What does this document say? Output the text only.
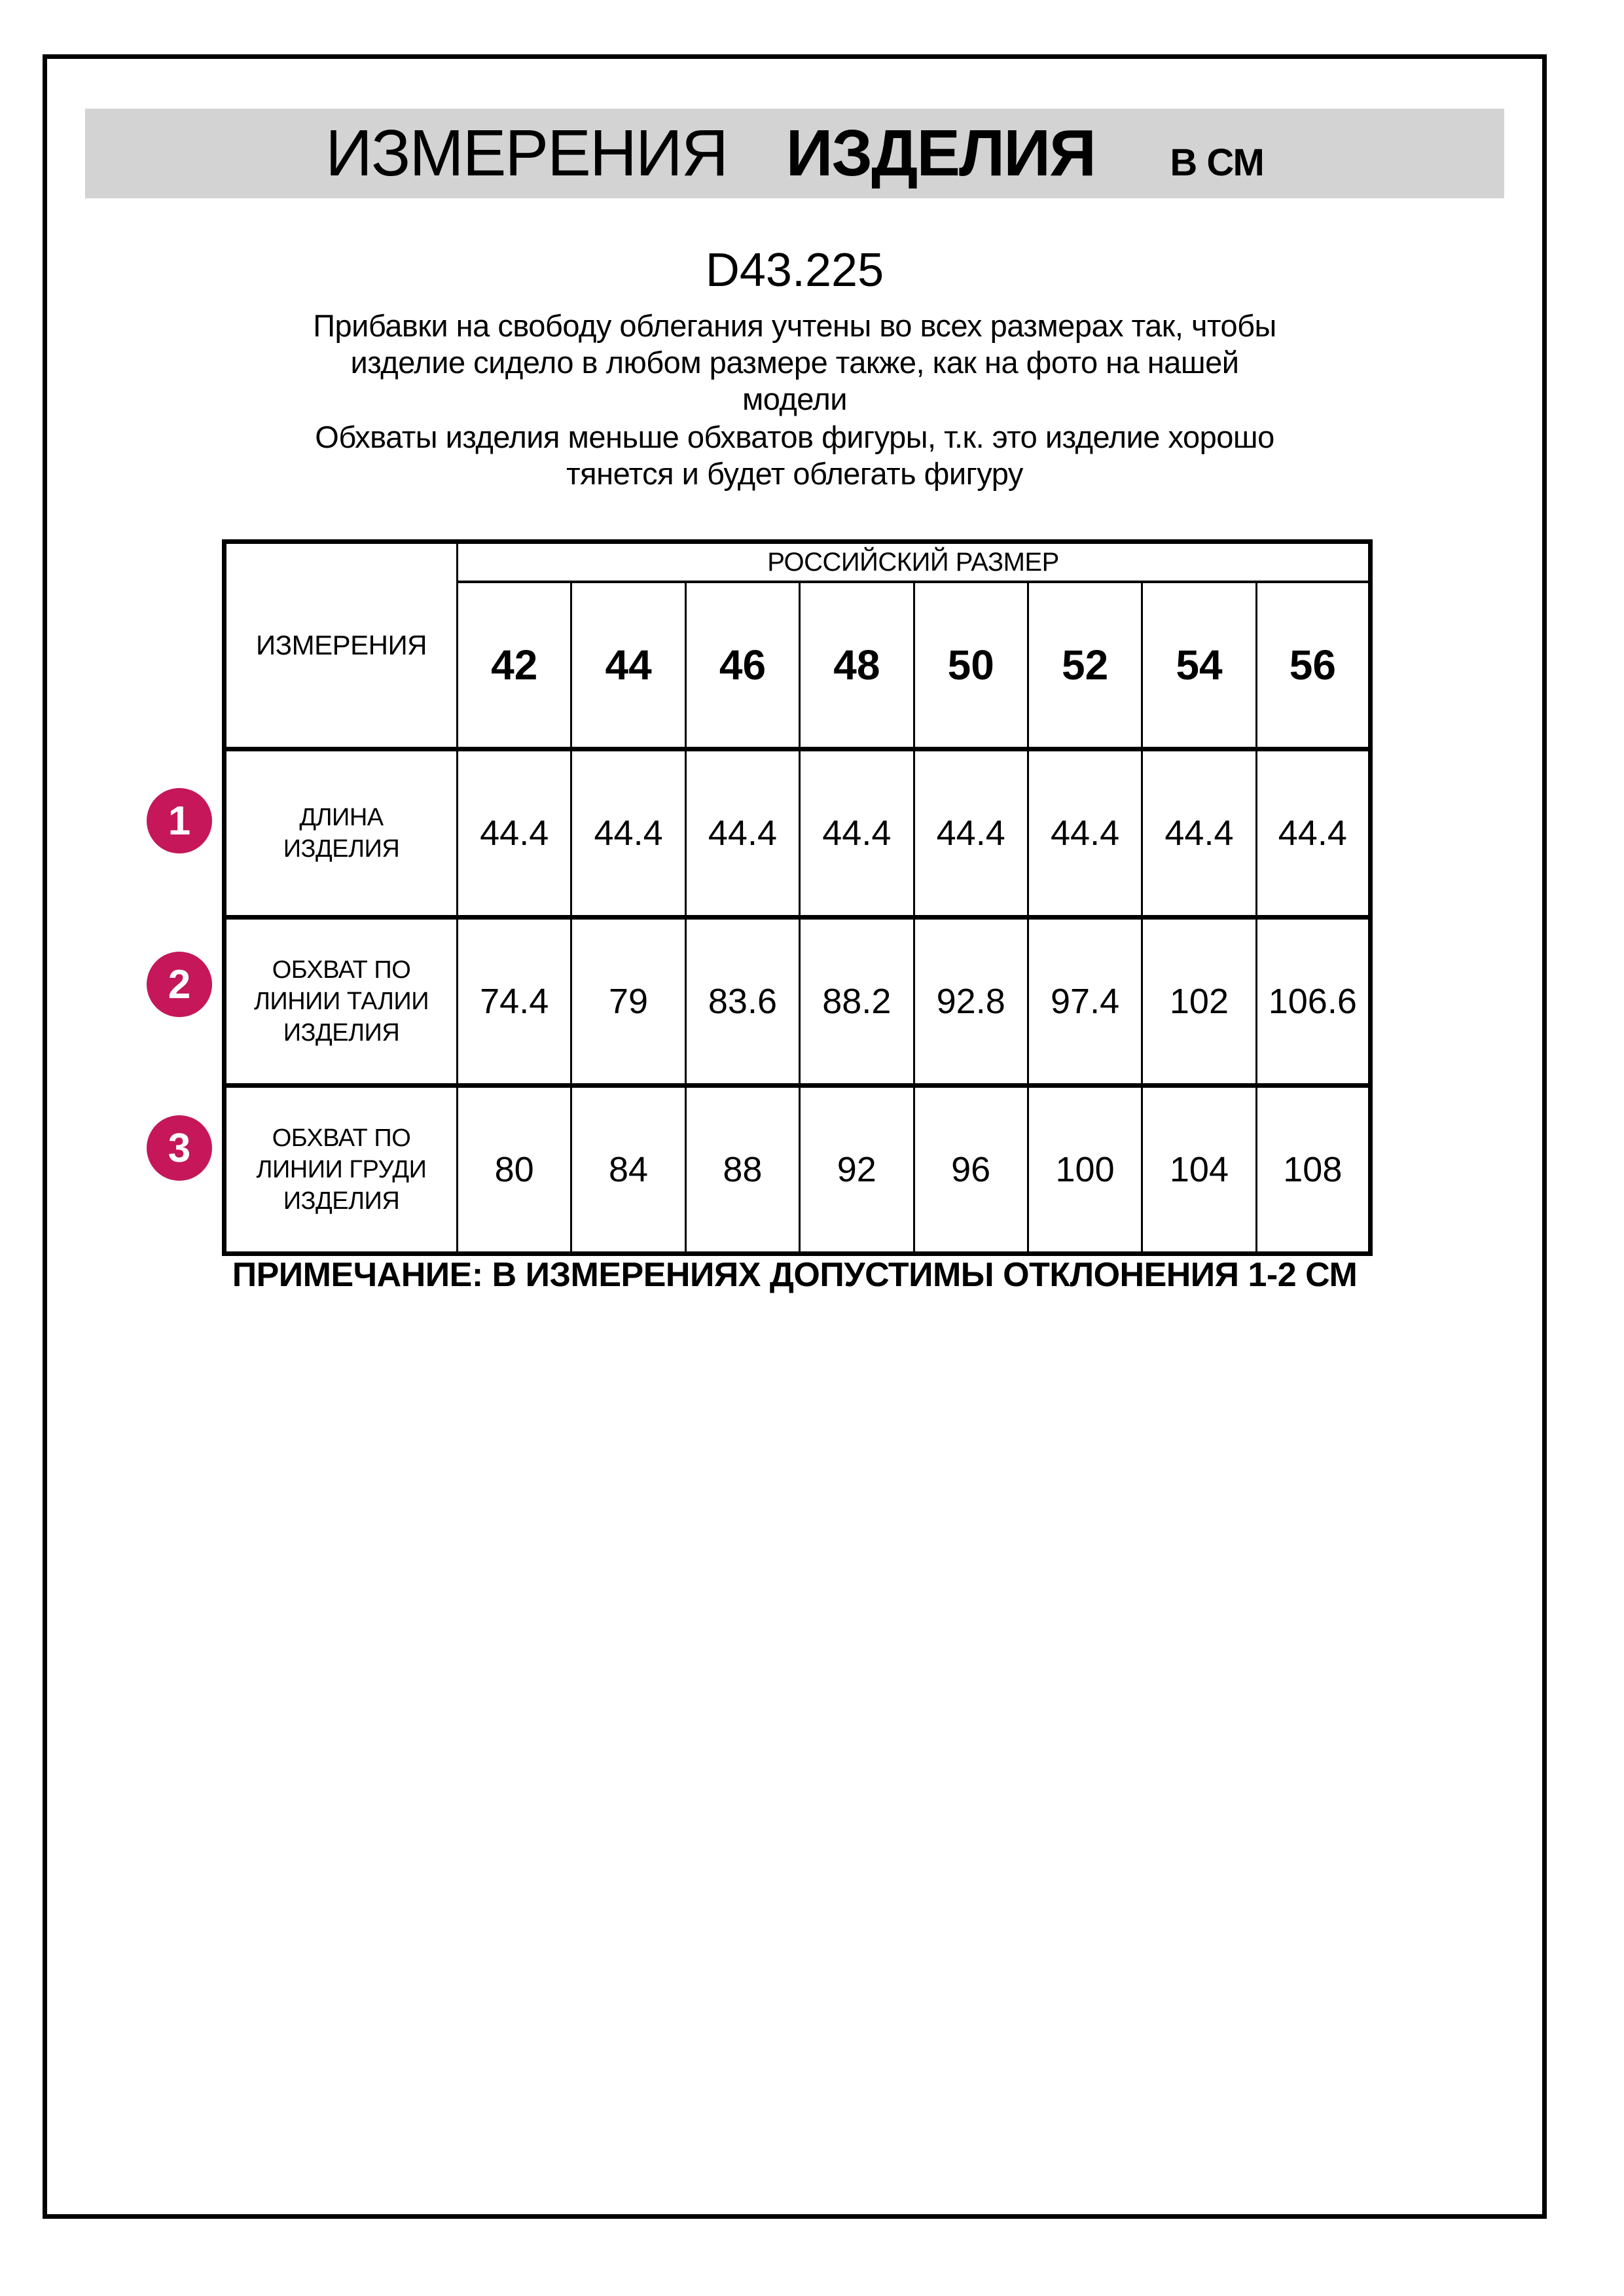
ИЗМЕРЕНИЯ ИЗДЕЛИЯ В СМ
D43.225
Прибавки на свободу облегания учтены во всех размерах так, чтобы
изделие сидело в любом размере также, как на фото на нашей
модели
Обхваты изделия меньше обхватов фигуры, т.к. это изделие хорошо
тянется и будет облегать фигуру
ИЗМЕРЕНИЯ	РОССИЙСКИЙ РАЗМЕР							
	42	44	46	48	50	52	54	56

ДЛИНА
ИЗДЕЛИЯ	44.4	44.4	44.4	44.4	44.4	44.4	44.4	44.4

ОБХВАТ ПО
ЛИНИИ ТАЛИИ
ИЗДЕЛИЯ	74.4	79	83.6	88.2	92.8	97.4	102	106.6

ОБХВАТ ПО
ЛИНИИ ГРУДИ
ИЗДЕЛИЯ	80	84	88	92	96	100	104	108
1
2
3
ПРИМЕЧАНИЕ: В ИЗМЕРЕНИЯХ ДОПУСТИМЫ ОТКЛОНЕНИЯ 1-2 СМ
